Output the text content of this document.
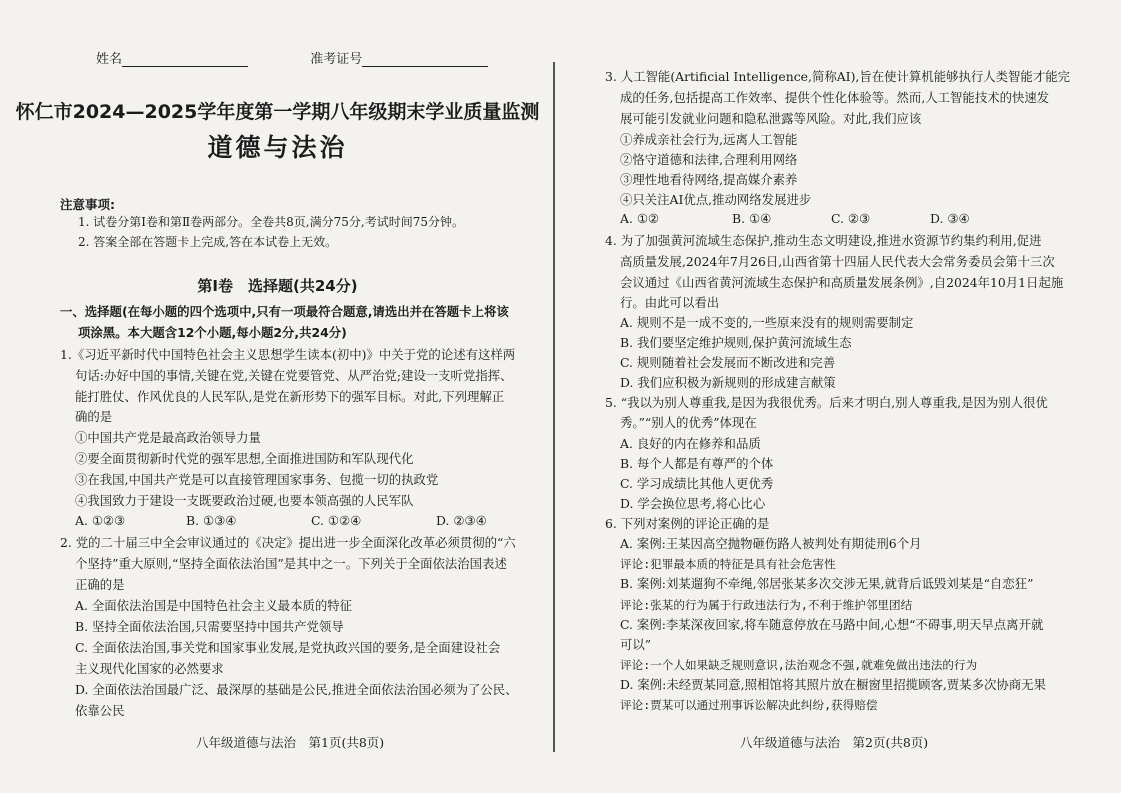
姓名	准考证号
怀仁市2024—2025学年度第一学期八年级期末学业质量监测
道德与法治
注意事项:
1. 试卷分第Ⅰ卷和第Ⅱ卷两部分。全卷共8页,满分75分,考试时间75分钟。
2. 答案全部在答题卡上完成,答在本试卷上无效。
第Ⅰ卷　选择题(共24分)
一、选择题(在每小题的四个选项中,只有一项最符合题意,请选出并在答题卡上将该
项涂黑。本大题含12个小题,每小题2分,共24分)
1.《习近平新时代中国特色社会主义思想学生读本(初中)》中关于党的论述有这样两
句话:办好中国的事情,关键在党,关键在党要管党、从严治党;建设一支听党指挥、
能打胜仗、作风优良的人民军队,是党在新形势下的强军目标。对此,下列理解正
确的是
①中国共产党是最高政治领导力量
②要全面贯彻新时代党的强军思想,全面推进国防和军队现代化
③在我国,中国共产党是可以直接管理国家事务、包揽一切的执政党
④我国致力于建设一支既要政治过硬,也要本领高强的人民军队
A. ①②③	B. ①③④	C. ①②④	D. ②③④
2. 党的二十届三中全会审议通过的《决定》提出进一步全面深化改革必须贯彻的“六
个坚持”重大原则,“坚持全面依法治国”是其中之一。下列关于全面依法治国表述
正确的是
A. 全面依法治国是中国特色社会主义最本质的特征
B. 坚持全面依法治国,只需要坚持中国共产党领导
C. 全面依法治国,事关党和国家事业发展,是党执政兴国的要务,是全面建设社会
主义现代化国家的必然要求
D. 全面依法治国最广泛、最深厚的基础是公民,推进全面依法治国必须为了公民、
依靠公民
八年级道德与法治　第1页(共8页)
3. 人工智能(Artificial Intelligence,简称AI),旨在使计算机能够执行人类智能才能完
成的任务,包括提高工作效率、提供个性化体验等。然而,人工智能技术的快速发
展可能引发就业问题和隐私泄露等风险。对此,我们应该
①养成亲社会行为,远离人工智能
②恪守道德和法律,合理利用网络
③理性地看待网络,提高媒介素养
④只关注AI优点,推动网络发展进步
A. ①②	B. ①④	C. ②③	D. ③④
4. 为了加强黄河流域生态保护,推动生态文明建设,推进水资源节约集约利用,促进
高质量发展,2024年7月26日,山西省第十四届人民代表大会常务委员会第十三次
会议通过《山西省黄河流域生态保护和高质量发展条例》,自2024年10月1日起施
行。由此可以看出
A. 规则不是一成不变的,一些原来没有的规则需要制定
B. 我们要坚定维护规则,保护黄河流域生态
C. 规则随着社会发展而不断改进和完善
D. 我们应积极为新规则的形成建言献策
5. “我以为别人尊重我,是因为我很优秀。后来才明白,别人尊重我,是因为别人很优
秀。”“别人的优秀”体现在
A. 良好的内在修养和品质
B. 每个人都是有尊严的个体
C. 学习成绩比其他人更优秀
D. 学会换位思考,将心比心
6. 下列对案例的评论正确的是
A. 案例:王某因高空抛物砸伤路人被判处有期徒刑6个月
评论:犯罪最本质的特征是具有社会危害性
B. 案例:刘某遛狗不牵绳,邻居张某多次交涉无果,就背后诋毁刘某是“自恋狂”
评论:张某的行为属于行政违法行为,不利于维护邻里团结
C. 案例:李某深夜回家,将车随意停放在马路中间,心想“不碍事,明天早点离开就
可以”
评论:一个人如果缺乏规则意识,法治观念不强,就难免做出违法的行为
D. 案例:未经贾某同意,照相馆将其照片放在橱窗里招揽顾客,贾某多次协商无果
评论:贾某可以通过刑事诉讼解决此纠纷,获得赔偿
八年级道德与法治　第2页(共8页)
